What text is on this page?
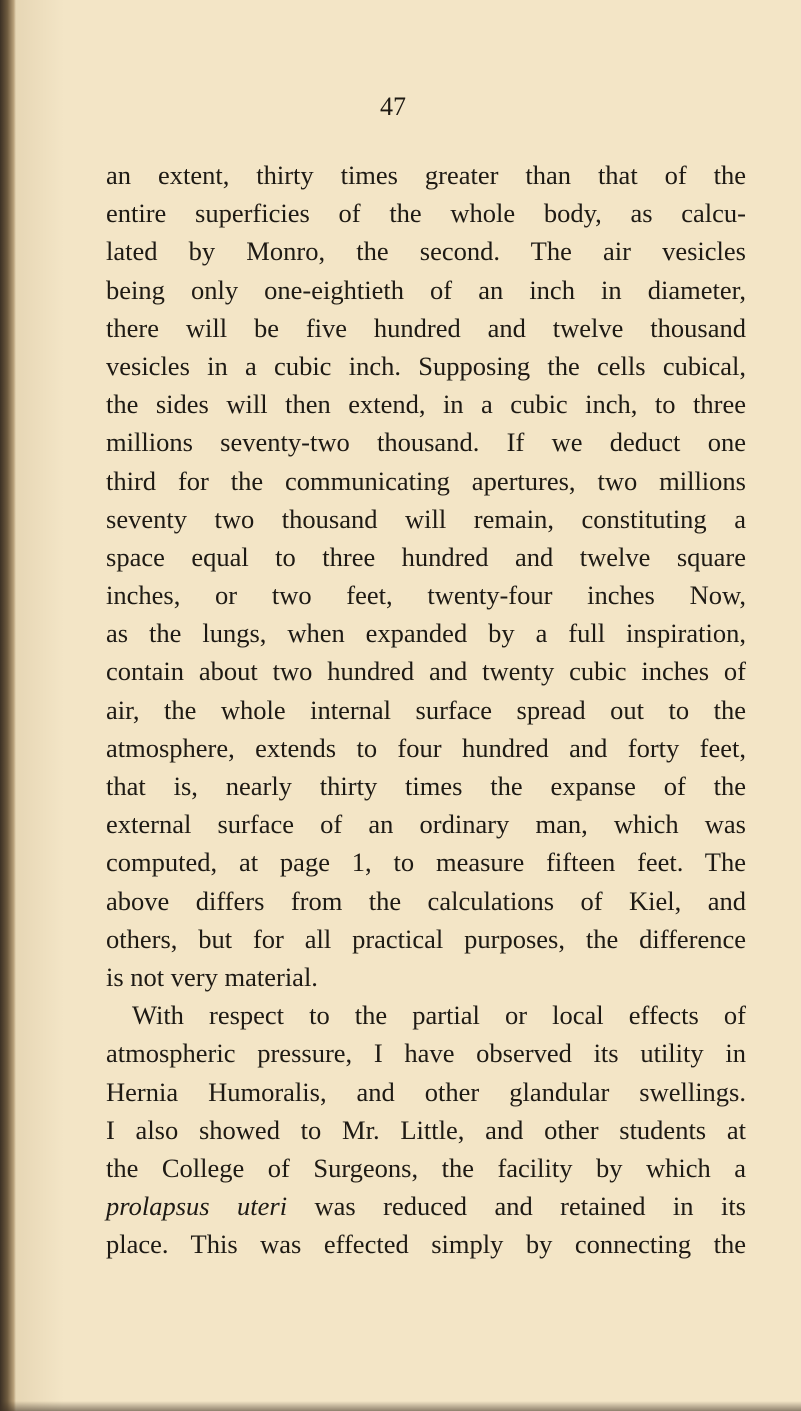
47
an extent, thirty times greater than that of the
entire superficies of the whole body, as calcu-
lated by Monro, the second. The air vesicles
being only one-eightieth of an inch in diameter,
there will be five hundred and twelve thousand
vesicles in a cubic inch. Supposing the cells cubical,
the sides will then extend, in a cubic inch, to three
millions seventy-two thousand. If we deduct one
third for the communicating apertures, two millions
seventy two thousand will remain, constituting a
space equal to three hundred and twelve square
inches, or two feet, twenty-four inches Now,
as the lungs, when expanded by a full inspiration,
contain about two hundred and twenty cubic inches of
air, the whole internal surface spread out to the
atmosphere, extends to four hundred and forty feet,
that is, nearly thirty times the expanse of the
external surface of an ordinary man, which was
computed, at page 1, to measure fifteen feet. The
above differs from the calculations of Kiel, and
others, but for all practical purposes, the difference
is not very material.
With respect to the partial or local effects of
atmospheric pressure, I have observed its utility in
Hernia Humoralis, and other glandular swellings.
I also showed to Mr. Little, and other students at
the College of Surgeons, the facility by which a
prolapsus uteri was reduced and retained in its
place. This was effected simply by connecting the
